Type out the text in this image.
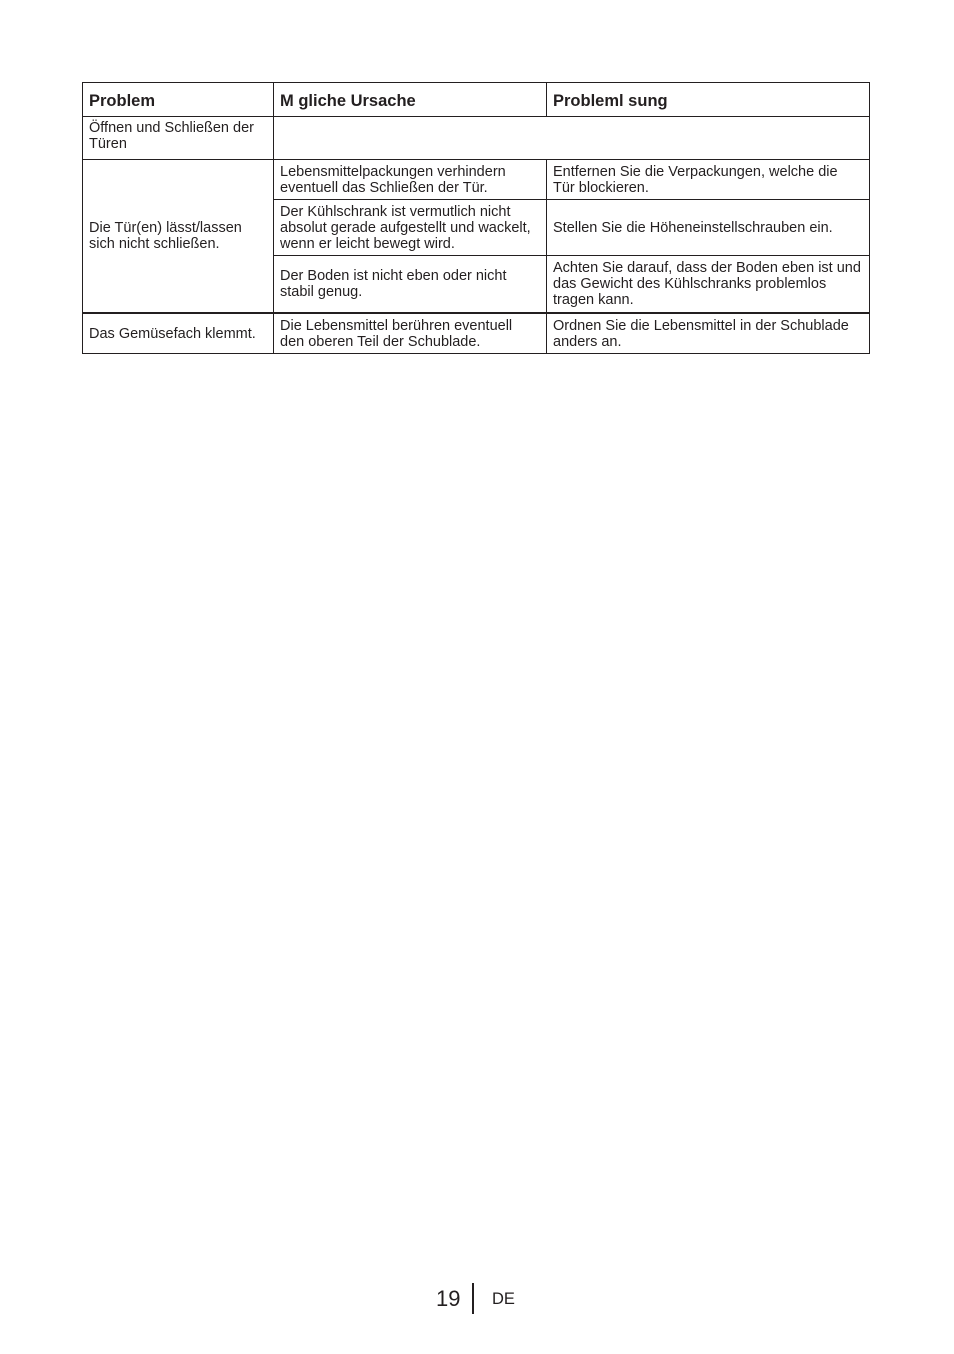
Problem	M gliche Ursache	Probleml sung
Öffnen und Schließen der Türen		
Die Tür(en) lässt/lassen sich nicht schließen.	Lebensmittelpackungen verhindern eventuell das Schließen der Tür.	Entfernen Sie die Verpackungen, welche die Tür blockieren.
	Der Kühlschrank ist vermutlich nicht absolut gerade aufgestellt und wackelt, wenn er leicht bewegt wird.	Stellen Sie die Höheneinstellschrauben ein.
	Der Boden ist nicht eben oder nicht stabil genug.	Achten Sie darauf, dass der Boden eben ist und das Gewicht des Kühlschranks problemlos tragen kann.
Das Gemüsefach klemmt.	Die Lebensmittel berühren eventuell den oberen Teil der Schublade.	Ordnen Sie die Lebensmittel in der Schublade anders an.
19 DE
